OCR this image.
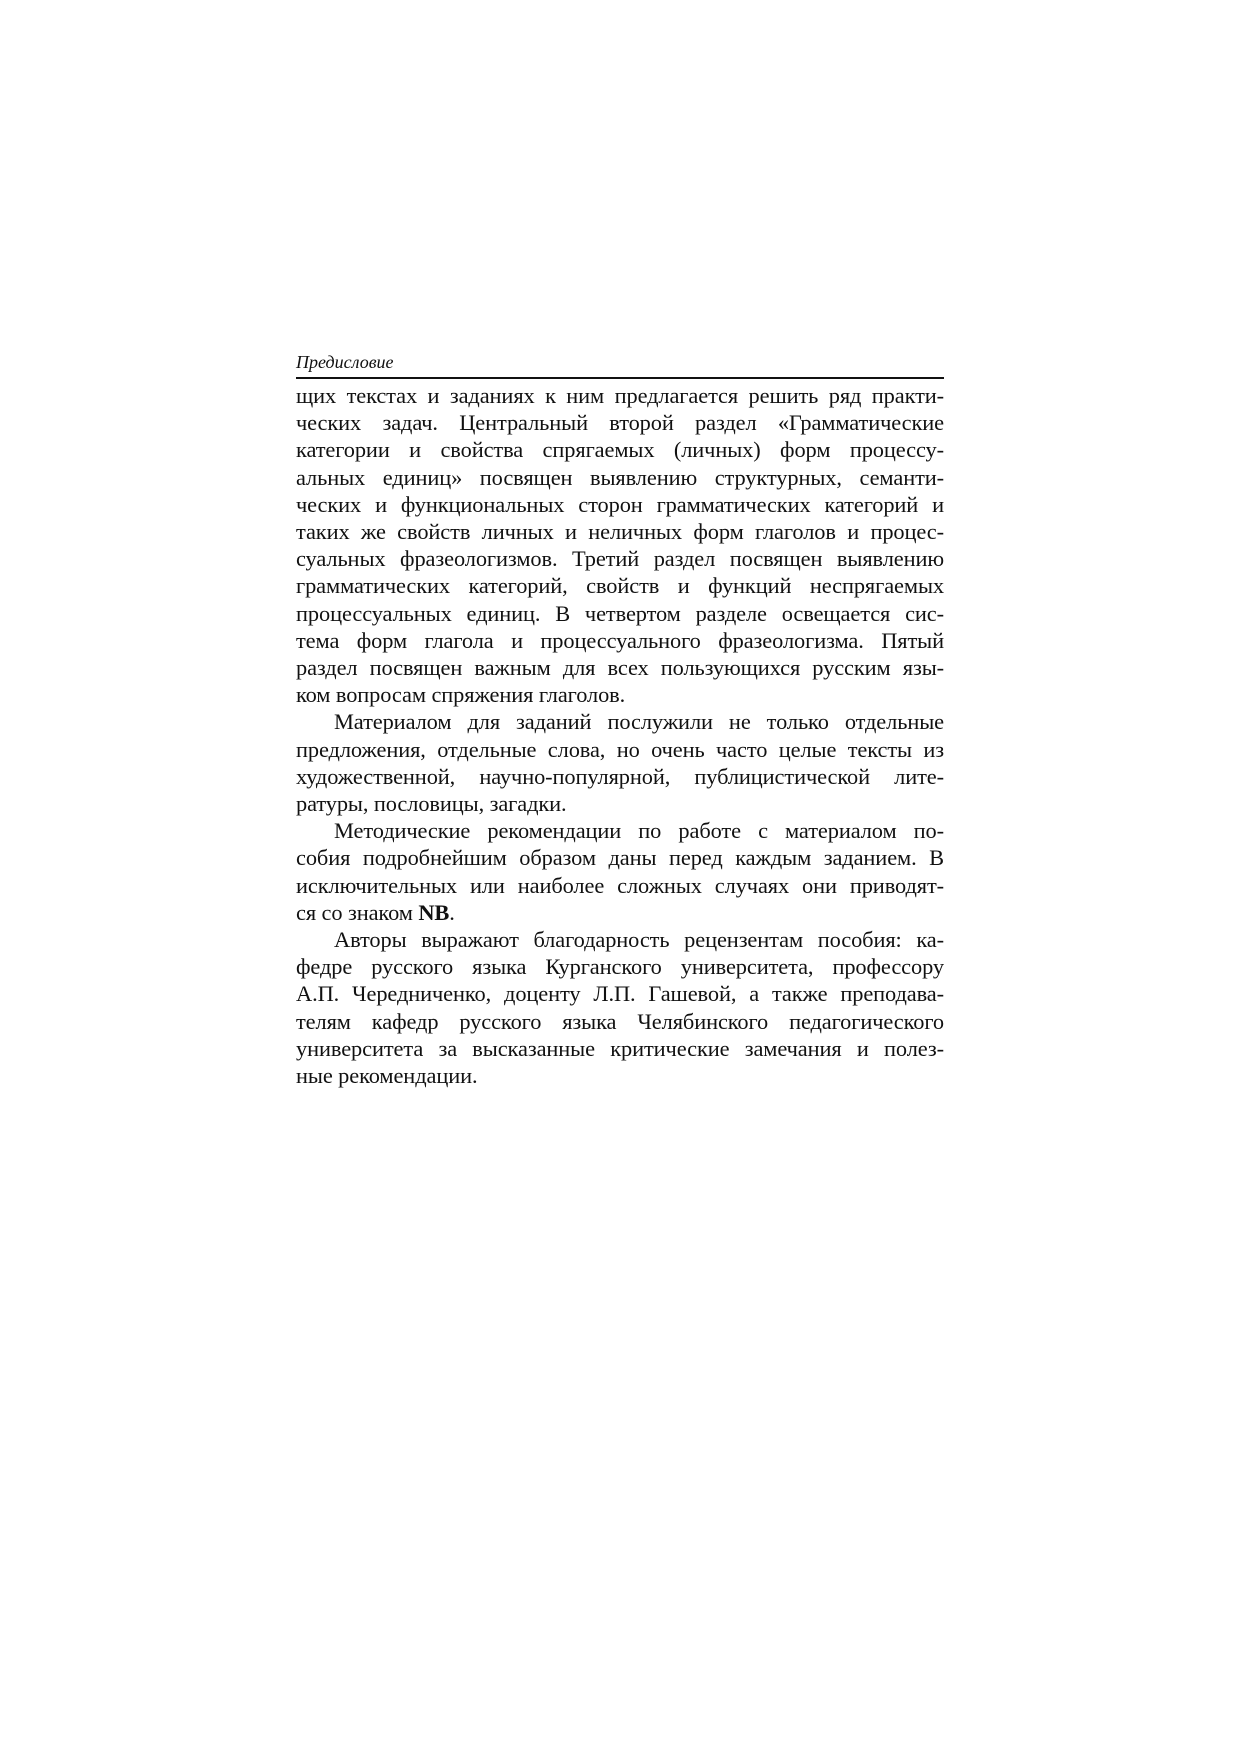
Предисловие

щих текстах и заданиях к ним предлагается решить ряд практи-
ческих задач. Центральный второй раздел «Грамматические
категории и свойства спрягаемых (личных) форм процессу-
альных единиц» посвящен выявлению структурных, семанти-
ческих и функциональных сторон грамматических категорий и
таких же свойств личных и неличных форм глаголов и процес-
суальных фразеологизмов. Третий раздел посвящен выявлению
грамматических категорий, свойств и функций неспрягаемых
процессуальных единиц. В четвертом разделе освещается сис-
тема форм глагола и процессуального фразеологизма. Пятый
раздел посвящен важным для всех пользующихся русским язы-
ком вопросам спряжения глаголов.

Материалом для заданий послужили не только отдельные
предложения, отдельные слова, но очень часто целые тексты из
художественной, научно-популярной, публицистической лите-
ратуры, пословицы, загадки.

Методические рекомендации по работе с материалом по-
собия подробнейшим образом даны перед каждым заданием. В
исключительных или наиболее сложных случаях они приводят-
ся со знаком NB.

Авторы выражают благодарность рецензентам пособия: ка-
федре русского языка Курганского университета, профессору
А.П. Чередниченко, доценту Л.П. Гашевой, а также преподава-
телям кафедр русского языка Челябинского педагогического
университета за высказанные критические замечания и полез-
ные рекомендации.
